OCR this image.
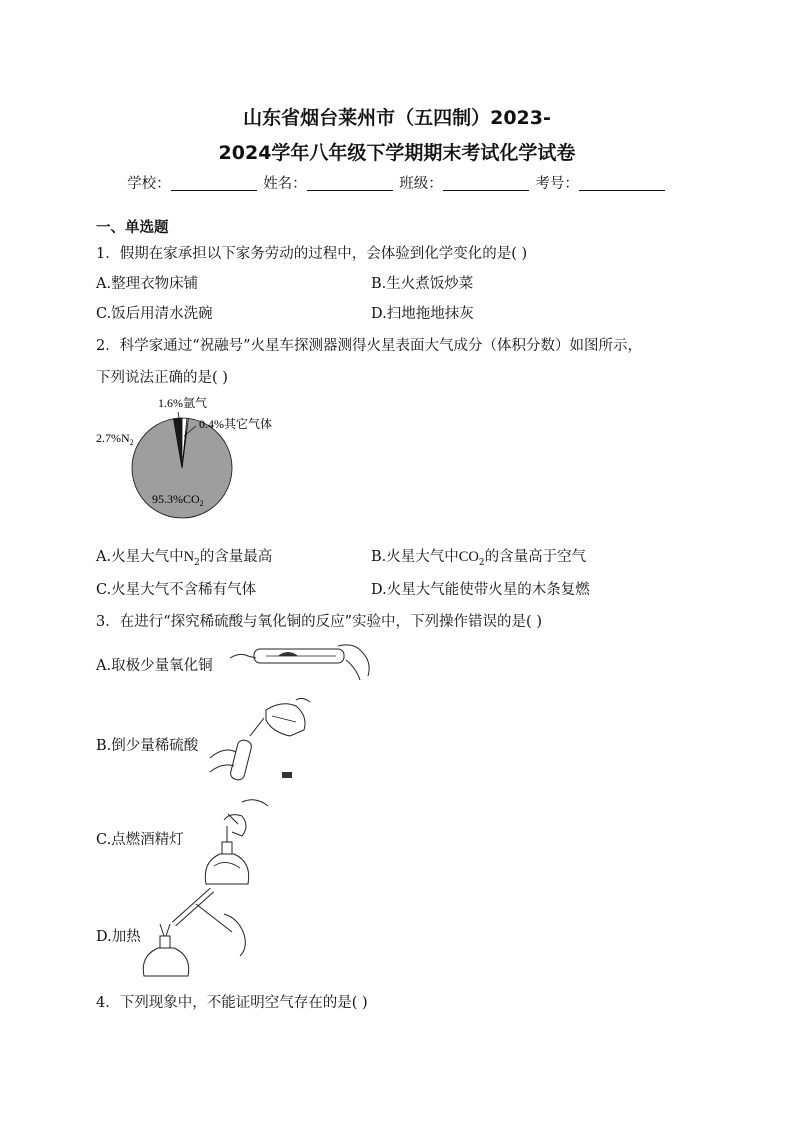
山东省烟台莱州市（五四制）2023-
2024学年八年级下学期期末考试化学试卷
学校：	姓名：	班级：	考号：
一、单选题
1．假期在家承担以下家务劳动的过程中，会体验到化学变化的是( )
A.整理衣物床铺	B.生火煮饭炒菜
C.饭后用清水洗碗	D.扫地拖地抹灰
2．科学家通过“祝融号”火星车探测器测得火星表面大气成分（体积分数）如图所示，
下列说法正确的是( )
1.6%氩气
0.4%其它气体
$2.7\%N_2$
$95.3\%CO_2$
A.火星大气中$N_2$的含量最高	B.火星大气中$CO_2$的含量高于空气
C.火星大气不含稀有气体	D.火星大气能使带火星的木条复燃
3．在进行“探究稀硫酸与氧化铜的反应”实验中，下列操作错误的是( )
A.取极少量氧化铜
B.倒少量稀硫酸
C.点燃酒精灯
D.加热
4．下列现象中，不能证明空气存在的是( )
